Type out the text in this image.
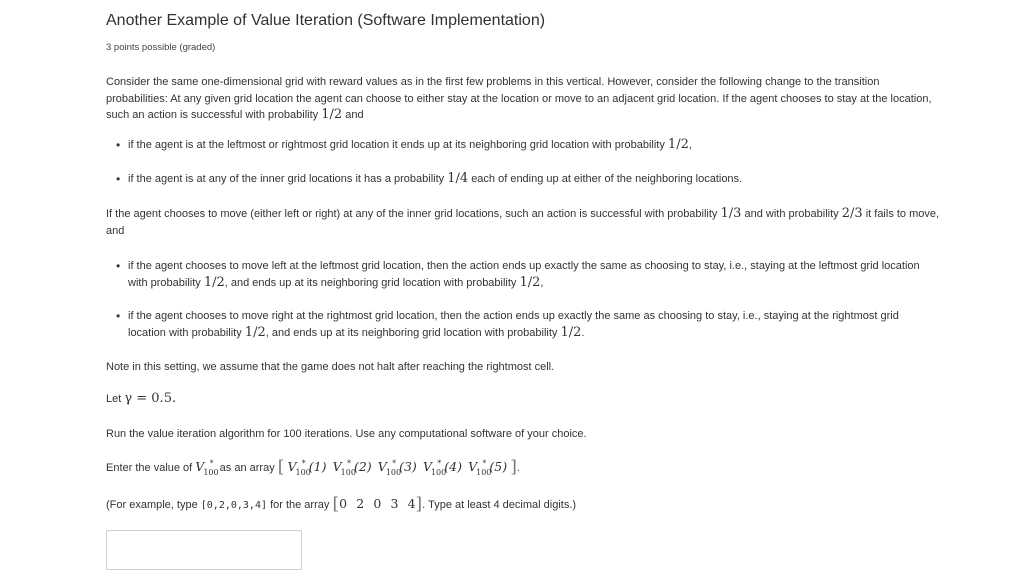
Another Example of Value Iteration (Software Implementation)
3 points possible (graded)

Consider the same one-dimensional grid with reward values as in the first few problems in this vertical. However, consider the following change to the transition probabilities: At any given grid location the agent can choose to either stay at the location or move to an adjacent grid location. If the agent chooses to stay at the location, such an action is successful with probability 1/2 and

• if the agent is at the leftmost or rightmost grid location it ends up at its neighboring grid location with probability 1/2,
• if the agent is at any of the inner grid locations it has a probability 1/4 each of ending up at either of the neighboring locations.

If the agent chooses to move (either left or right) at any of the inner grid locations, such an action is successful with probability 1/3 and with probability 2/3 it fails to move, and

• if the agent chooses to move left at the leftmost grid location, then the action ends up exactly the same as choosing to stay, i.e., staying at the leftmost grid location with probability 1/2, and ends up at its neighboring grid location with probability 1/2,
• if the agent chooses to move right at the rightmost grid location, then the action ends up exactly the same as choosing to stay, i.e., staying at the rightmost grid location with probability 1/2, and ends up at its neighboring grid location with probability 1/2.

Note in this setting, we assume that the game does not halt after reaching the rightmost cell.

Let γ = 0.5.

Run the value iteration algorithm for 100 iterations. Use any computational software of your choice.

Enter the value of $V_{100}^*$ as an array [ $V_{100}^*$ (1) $V_{100}^*$ (2) $V_{100}^*$ (3) $V_{100}^*$ (4) $V_{100}^*$ (5) ].

(For example, type [0,2,0,3,4] for the array [0 2 0 3 4]. Type at least 4 decimal digits.)
